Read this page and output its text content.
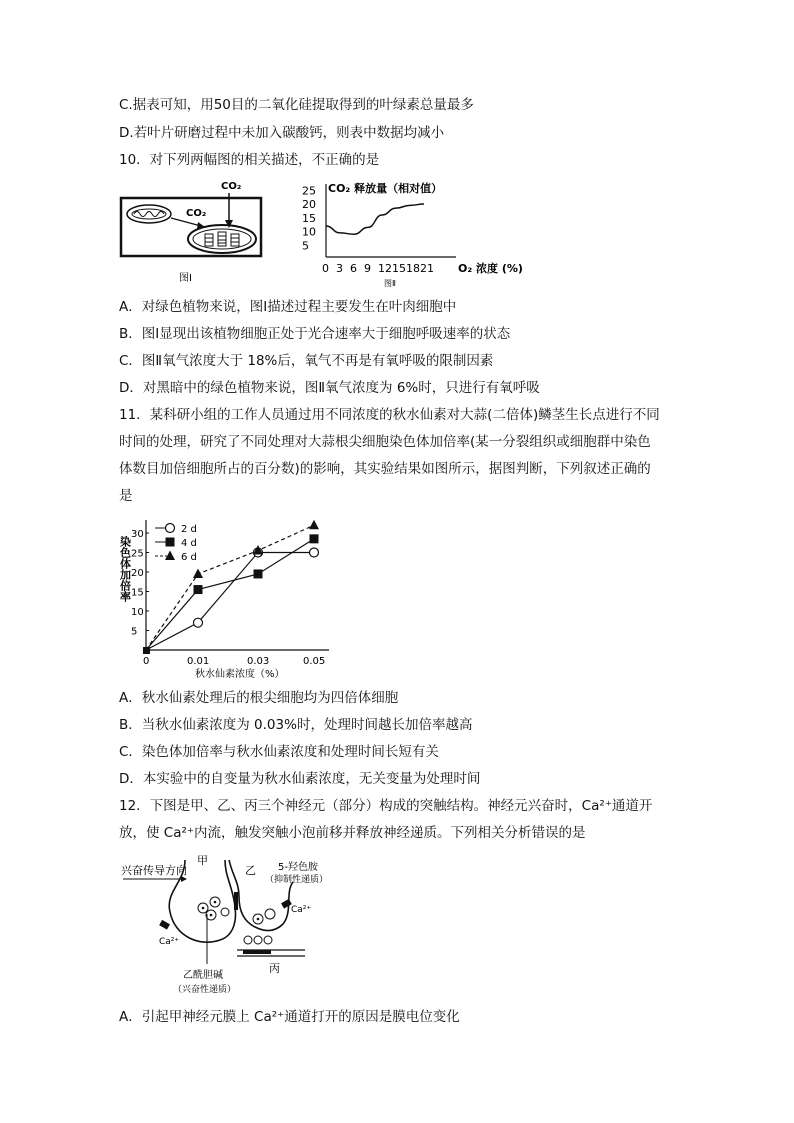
C.据表可知，用50目的二氧化硅提取得到的叶绿素总量最多
D.若叶片研磨过程中未加入碳酸钙，则表中数据均减小
10．对下列两幅图的相关描述，不正确的是
CO₂
CO₂
图Ⅰ
CO₂ 释放量（相对值）
O₂ 浓度 (%)
5
10
15
20
25
0 3 6 9 12 15 18 21
图Ⅱ
A．对绿色植物来说，图Ⅰ描述过程主要发生在叶肉细胞中
B．图Ⅰ显现出该植物细胞正处于光合速率大于细胞呼吸速率的状态
C．图Ⅱ氧气浓度大于 18%后，氧气不再是有氧呼吸的限制因素
D．对黑暗中的绿色植物来说，图Ⅱ氧气浓度为 6%时，只进行有氧呼吸
11．某科研小组的工作人员通过用不同浓度的秋水仙素对大蒜(二倍体)鳞茎生长点进行不同
时间的处理，研究了不同处理对大蒜根尖细胞染色体加倍率(某一分裂组织或细胞群中染色
体数目加倍细胞所占的百分数)的影响，其实验结果如图所示，据图判断，下列叙述正确的
是
染色体加倍率
5
10
15
20
25
30
0	0.01	0.03	0.05
2 d
4 d
6 d
秋水仙素浓度（%）
A．秋水仙素处理后的根尖细胞均为四倍体细胞
B．当秋水仙素浓度为 0.03%时，处理时间越长加倍率越高
C．染色体加倍率与秋水仙素浓度和处理时间长短有关
D．本实验中的自变量为秋水仙素浓度，无关变量为处理时间
12．下图是甲、乙、丙三个神经元（部分）构成的突触结构。神经元兴奋时，Ca²⁺通道开
放，使 Ca²⁺内流，触发突触小泡前移并释放神经递质。下列相关分析错误的是
兴奋传导方向
甲
乙 5-羟色胺
（抑制性递质）
Ca²⁺
Ca²⁺
丙
乙酰胆碱
（兴奋性递质）
A．引起甲神经元膜上 Ca²⁺通道打开的原因是膜电位变化
